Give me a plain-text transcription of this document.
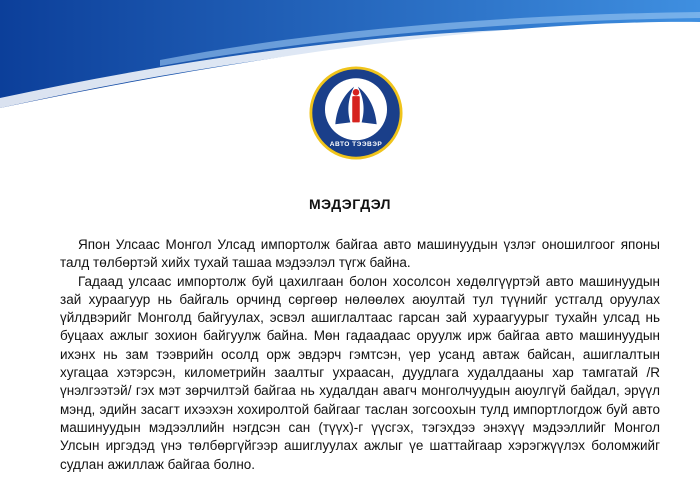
АВТО ТЭЭВЭР
МЭДЭГДЭЛ

Япон Улсаас Монгол Улсад импортолж байгаа авто машинуудын үзлэг оношилгоог японы талд төлбөртэй хийх тухай ташаа мэдээлэл түгж байна.

Гадаад улсаас импортолж буй цахилгаан болон хосолсон хөдөлгүүртэй авто машинуудын зай хураагуур нь байгаль орчинд сөргөөр нөлөөлөх аюултай тул түүнийг устгалд оруулах үйлдвэрийг Монголд байгуулах, эсвэл ашиглалтаас гарсан зай хураагуурыг тухайн улсад нь буцаах ажлыг зохион байгуулж байна. Мөн гадаадаас оруулж ирж байгаа авто машинуудын ихэнх нь зам тээврийн осолд орж эвдэрч гэмтсэн, үер усанд автаж байсан, ашиглалтын хугацаа хэтэрсэн, километрийн заалтыг ухраасан, дуудлага худалдааны хар тамгатай /R үнэлгээтэй/ гэх мэт зөрчилтэй байгаа нь худалдан авагч монголчуудын аюулгүй байдал, эрүүл мэнд, эдийн засагт ихээхэн хохиролтой байгааг таслан зогсоохын тулд импортлогдож буй авто машинуудын мэдээллийн нэгдсэн сан (түүх)-г үүсгэх, тэгэхдээ энэхүү мэдээллийг Монгол Улсын иргэдэд үнэ төлбөргүйгээр ашиглуулах ажлыг үе шаттайгаар хэрэгжүүлэх боломжийг судлан ажиллаж байгаа болно.
